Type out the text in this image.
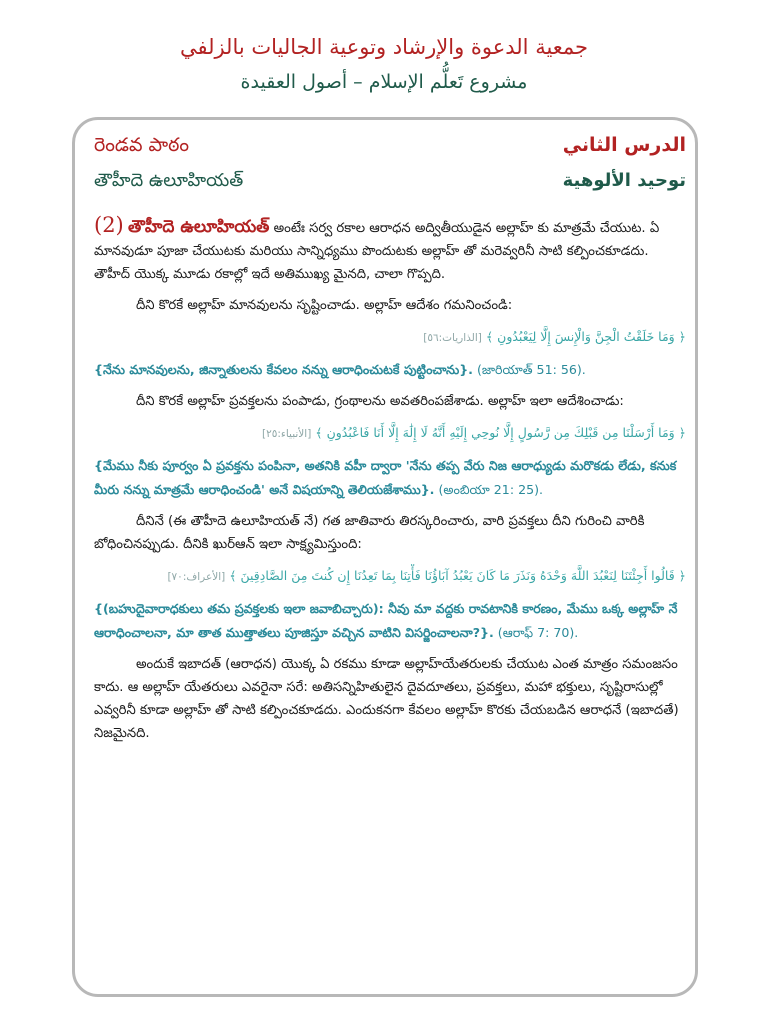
جمعية الدعوة والإرشاد وتوعية الجاليات بالزلفي
مشروع تَعلُّم الإسلام – أصول العقيدة
రెండవ పాఠం	الدرس الثاني
తౌహీదె ఉలూహియత్	توحيد الألوهية

(2) తౌహీదె ఉలూహియత్ అంటేః సర్వ రకాల ఆరాధన అద్వితీయుడైన అల్లాహ్ కు మాత్రమే చేయుట. ఏ మానవుడూ పూజా చేయుటకు మరియు సాన్నిధ్యము పొందుటకు అల్లాహ్ తో మరెవ్వరినీ సాటి కల్పించకూడదు. తౌహీద్ యొక్క మూడు రకాల్లో ఇదే అతిముఖ్య మైనది, చాలా గొప్పది.

దీని కొరకే అల్లాహ్ మానవులను సృష్టించాడు. అల్లాహ్ ఆదేశం గమనించండి:

﴿ وَمَا خَلَقْتُ الْجِنَّ وَالْإِنسَ إِلَّا لِيَعْبُدُونِ ﴾ [الذاريات:٥٦]

{నేను మానవులను, జిన్నాతులను కేవలం నన్ను ఆరాధించుటకే పుట్టించాను}. (జారియాత్ 51: 56).

దీని కొరకే అల్లాహ్ ప్రవక్తలను పంపాడు, గ్రంథాలను అవతరింపజేశాడు. అల్లాహ్ ఇలా ఆదేశించాడు:

﴿ وَمَا أَرْسَلْنَا مِن قَبْلِكَ مِن رَّسُولٍ إِلَّا نُوحِي إِلَيْهِ أَنَّهُ لَا إِلَٰهَ إِلَّا أَنَا فَاعْبُدُونِ ﴾ [الأنبياء:٢٥]

{మేము నీకు పూర్వం ఏ ప్రవక్తను పంపినా, అతనికి వహీ ద్వారా 'నేను తప్ప వేరు నిజ ఆరాధ్యుడు మరొకడు లేడు, కనుక మీరు నన్ను మాత్రమే ఆరాధించండి' అనే విషయాన్ని తెలియజేశాము}. (అంబియా 21: 25).

దీనినే (ఈ తౌహీదె ఉలూహియత్ నే) గత జాతివారు తిరస్కరించారు, వారి ప్రవక్తలు దీని గురించి వారికి బోధించినప్పుడు. దీనికి ఖుర్ఆన్ ఇలా సాక్ష్యమిస్తుంది:

﴿ قَالُوا أَجِئْتَنَا لِنَعْبُدَ اللَّهَ وَحْدَهُ وَنَذَرَ مَا كَانَ يَعْبُدُ آبَاؤُنَا فَأْتِنَا بِمَا تَعِدُنَا إِن كُنتَ مِنَ الصَّادِقِينَ ﴾ [الأعراف:٧٠]

{(బహుదైవారాధకులు తమ ప్రవక్తలకు ఇలా జవాబిచ్చారు): నీవు మా వద్దకు రావటానికి కారణం, మేము ఒక్క అల్లాహ్ నే ఆరాధించాలనా, మా తాత ముత్తాతలు పూజిస్తూ వచ్చిన వాటిని విసర్జించాలనా?}. (ఆరాఫ్ 7: 70).

అందుకే ఇబాదత్ (ఆరాధన) యొక్క ఏ రకము కూడా అల్లాహ్‌యేతరులకు చేయుట ఎంత మాత్రం సమంజసం కాదు. ఆ అల్లాహ్ యేతరులు ఎవరైనా సరే: అతిసన్నిహితులైన దైవదూతలు, ప్రవక్తలు, మహా భక్తులు, సృష్టిరాసుల్లో ఎవ్వరినీ కూడా అల్లాహ్ తో సాటి కల్పించకూడదు. ఎందుకనగా కేవలం అల్లాహ్ కొరకు చేయబడిన ఆరాధనే (ఇబాదతే) నిజమైనది.
